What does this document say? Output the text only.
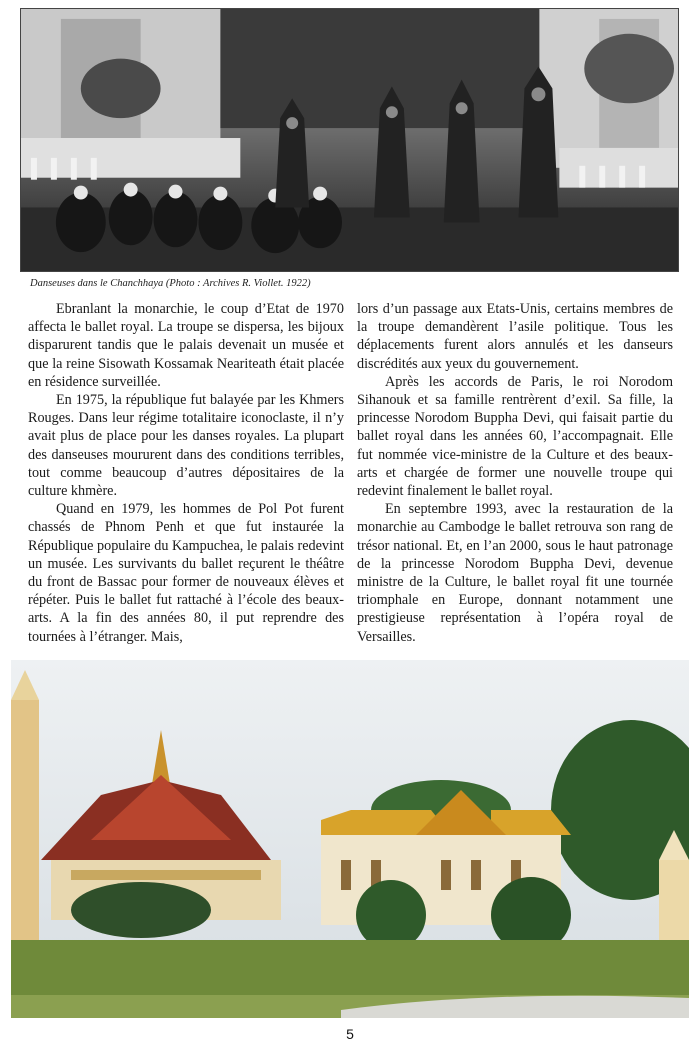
Danseuses dans le Chanchhaya (Photo : Archives R. Viollet. 1922)

Ebranlant la monarchie, le coup d’Etat de 1970 affecta le ballet royal. La troupe se dispersa, les bijoux disparurent tandis que le palais devenait un musée et que la reine Sisowath Kossamak Neariteath était placée en résidence surveillée.

En 1975, la république fut balayée par les Khmers Rouges. Dans leur régime totalitaire iconoclaste, il n’y avait plus de place pour les danses royales. La plupart des danseuses moururent dans des conditions terribles, tout comme beaucoup d’autres dépositaires de la culture khmère.

Quand en 1979, les hommes de Pol Pot furent chassés de Phnom Penh et que fut instaurée la République populaire du Kampuchea, le palais redevint un musée. Les survivants du ballet reçurent le théâtre du front de Bassac pour former de nouveaux élèves et répéter. Puis le ballet fut rattaché à l’école des beaux-arts. A la fin des années 80, il put reprendre des tournées à l’étranger. Mais,

lors d’un passage aux Etats-Unis, certains membres de la troupe demandèrent l’asile politique. Tous les déplacements furent alors annulés et les danseurs discrédités aux yeux du gouvernement.

Après les accords de Paris, le roi Norodom Sihanouk et sa famille rentrèrent d’exil. Sa fille, la princesse Norodom Buppha Devi, qui faisait partie du ballet royal dans les années 60, l’accompagnait. Elle fut nommée vice-ministre de la Culture et des beaux-arts et chargée de former une nouvelle troupe qui redevint finalement le ballet royal.

En septembre 1993, avec la restauration de la monarchie au Cambodge le ballet retrouva son rang de trésor national. Et, en l’an 2000, sous le haut patronage de la princesse Norodom Buppha Devi, devenue ministre de la Culture, le ballet royal fit une tournée triomphale en Europe, donnant notamment une prestigieuse représentation à l’opéra royal de Versailles.

5
